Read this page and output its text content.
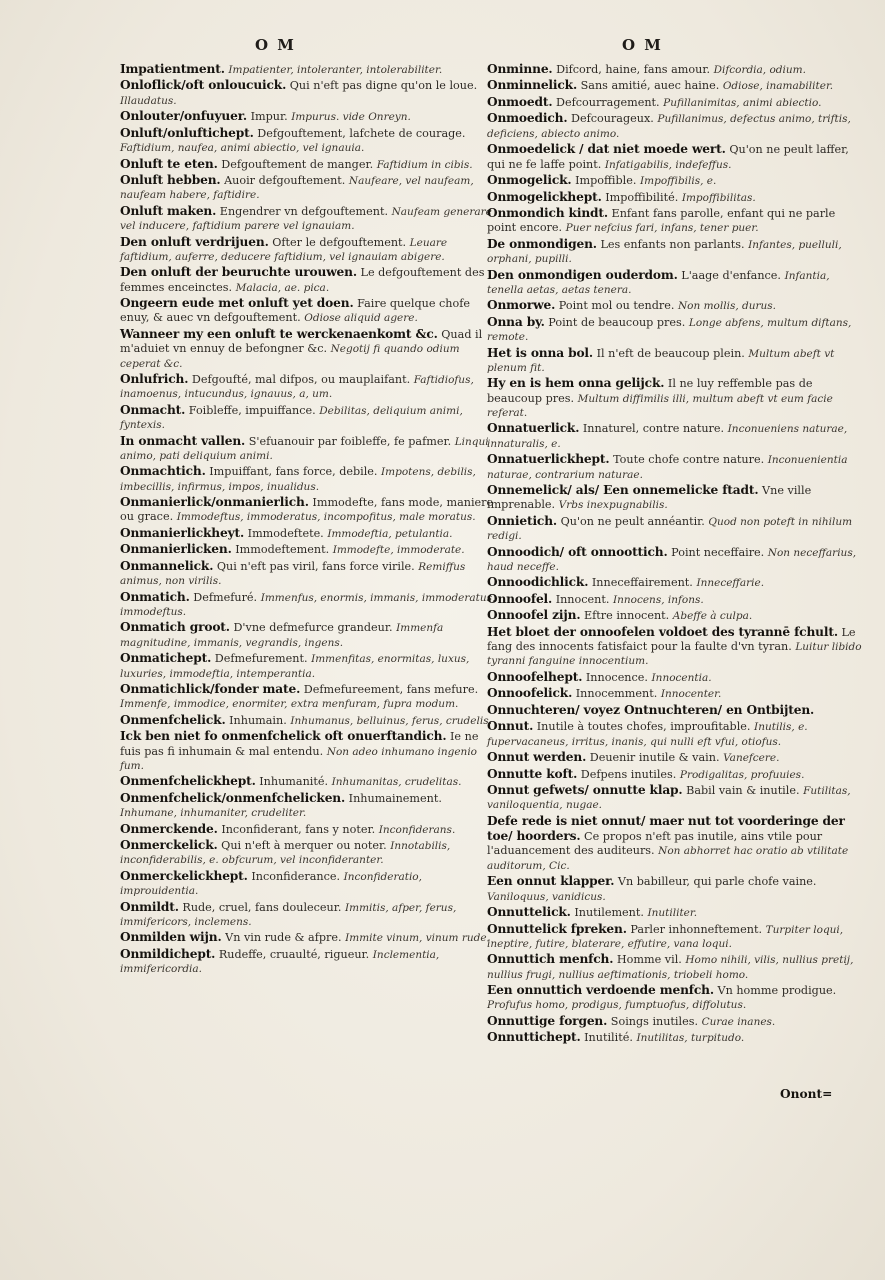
O M	O M

Impatientment. Impatienter, intoleranter, intolerabiliter.

Onloflick/oft onloucuick. Qui n'eft pas digne qu'on le loue. Illaudatus.

Onlouter/onfuyuer. Impur. Impurus. vide Onreyn.

Onluft/onluftichept. Defgouftement, lafchete de courage. Faftidium, naufea, animi abiectio, vel ignauia.

Onluft te eten. Defgouftement de manger. Faftidium in cibis.

Onluft hebben. Auoir defgouftement. Naufeare, vel naufeam, naufeam habere, faftidire.

Onluft maken. Engendrer vn defgouftement. Naufeam generare vel inducere, faftidium parere vel ignauiam.

Den onluft verdrijuen. Ofter le defgouftement. Leuare faftidium, auferre, deducere faftidium, vel ignauiam abigere.

Den onluft der beuruchte urouwen. Le defgouftement des femmes enceinctes. Malacia, ae. pica.

Ongeern eude met onluft yet doen. Faire quelque chofe enuy, & auec vn defgouftement. Odiose aliquid agere.

Wanneer my een onluft te werckenaenkomt &c. Quad il m'aduiet vn ennuy de befongner &c. Negotij fi quando odium ceperat &c.

Onlufrich. Defgoufté, mal difpos, ou mauplaifant. Faftidiofus, inamoenus, intucundus, ignauus, a, um.

Onmacht. Foibleffe, impuiffance. Debilitas, deliquium animi, fyntexis.

In onmacht vallen. S'efuanouir par foibleffe, fe pafmer. Linqui animo, pati deliquium animi.

Onmachtich. Impuiffant, fans force, debile. Impotens, debilis, imbecillis, infirmus, impos, inualidus.

Onmanierlick/onmanierlich. Immodefte, fans mode, maniere ou grace. Immodeftus, immoderatus, incompofitus, male moratus.

Onmanierlickheyt. Immodeftete. Immodeftia, petulantia.

Onmanierlicken. Immodeftement. Immodefte, immoderate.

Onmannelick. Qui n'eft pas viril, fans force virile. Remiffus animus, non virilis.

Onmatich. Defmefuré. Immenfus, enormis, immanis, immoderatus, immodeftus.

Onmatich groot. D'vne defmefurce grandeur. Immenfa magnitudine, immanis, vegrandis, ingens.

Onmatichept. Defmefurement. Immenfitas, enormitas, luxus, luxuries, immodeftia, intemperantia.

Onmatichlick/fonder mate. Defmefureement, fans mefure. Immenfe, immodice, enormiter, extra menfuram, fupra modum.

Onmenfchelick. Inhumain. Inhumanus, belluinus, ferus, crudelis.

Ick ben niet fo onmenfchelick oft onuerftandich. Ie ne fuis pas fi inhumain & mal entendu. Non adeo inhumano ingenio fum.

Onmenfchelickhept. Inhumanité. Inhumanitas, crudelitas.

Onmenfchelick/onmenfchelicken. Inhumainement. Inhumane, inhumaniter, crudeliter.

Onmerckende. Inconfiderant, fans y noter. Inconfiderans.

Onmerckelick. Qui n'eft à merquer ou noter. Innotabilis, inconfiderabilis, e. obfcurum, vel inconfideranter.

Onmerckelickhept. Inconfiderance. Inconfideratio, improuidentia.

Onmildt. Rude, cruel, fans douleceur. Immitis, afper, ferus, immifericors, inclemens.

Onmilden wijn. Vn vin rude & afpre. Immite vinum, vinum rude.

Onmildichept. Rudeffe, cruaulté, rigueur. Inclementia, immifericordia.

Onminne. Difcord, haine, fans amour. Difcordia, odium.

Onminnelick. Sans amitié, auec haine. Odiose, inamabiliter.

Onmoedt. Defcourragement. Pufillanimitas, animi abiectio.

Onmoedich. Defcourageux. Pufillanimus, defectus animo, triftis, deficiens, abiecto animo.

Onmoedelick / dat niet moede wert. Qu'on ne peult laffer, qui ne fe laffe point. Infatigabilis, indefeffus.

Onmogelick. Impoffible. Impoffibilis, e.

Onmogelickhept. Impoffibilité. Impoffibilitas.

Onmondich kindt. Enfant fans parolle, enfant qui ne parle point encore. Puer nefcius fari, infans, tener puer.

De onmondigen. Les enfants non parlants. Infantes, puelluli, orphani, pupilli.

Den onmondigen ouderdom. L'aage d'enfance. Infantia, tenella aetas, aetas tenera.

Onmorwe. Point mol ou tendre. Non mollis, durus.

Onna by. Point de beaucoup pres. Longe abfens, multum diftans, remote.

Het is onna bol. Il n'eft de beaucoup plein. Multum abeft vt plenum fit.

Hy en is hem onna gelijck. Il ne luy reffemble pas de beaucoup pres. Multum diffimilis illi, multum abeft vt eum facie referat.

Onnatuerlick. Innaturel, contre nature. Inconueniens naturae, innaturalis, e.

Onnatuerlickhept. Toute chofe contre nature. Inconuenientia naturae, contrarium naturae.

Onnemelick/ als/ Een onnemelicke ftadt. Vne ville imprenable. Vrbs inexpugnabilis.

Onnietich. Qu'on ne peult annéantir. Quod non poteft in nihilum redigi.

Onnoodich/ oft onnoottich. Point neceffaire. Non neceffarius, haud neceffe.

Onnoodichlick. Inneceffairement. Inneceffarie.

Onnoofel. Innocent. Innocens, infons.

Onnoofel zijn. Eftre innocent. Abeffe à culpa.

Het bloet der onnoofelen voldoet des tyrannē fchult. Le fang des innocents fatisfaict pour la faulte d'vn tyran. Luitur libido tyranni fanguine innocentium.

Onnoofelhept. Innocence. Innocentia.

Onnoofelick. Innocemment. Innocenter.

Onnuchteren/ voyez Ontnuchteren/ en Ontbijten.

Onnut. Inutile à toutes chofes, improufitable. Inutilis, e. fupervacaneus, irritus, inanis, qui nulli eft vfui, otiofus.

Onnut werden. Deuenir inutile & vain. Vanefcere.

Onnutte koft. Defpens inutiles. Prodigalitas, profuuies.

Onnut gefwets/ onnutte klap. Babil vain & inutile. Futilitas, vaniloquentia, nugae.

Defe rede is niet onnut/ maer nut tot voorderinge der toe/ hoorders. Ce propos n'eft pas inutile, ains vtile pour l'aduancement des auditeurs. Non abhorret hac oratio ab vtilitate auditorum, Cic.

Een onnut klapper. Vn babilleur, qui parle chofe vaine. Vaniloquus, vanidicus.

Onnuttelick. Inutilement. Inutiliter.

Onnuttelick fpreken. Parler inhonneftement. Turpiter loqui, ineptire, futire, blaterare, effutire, vana loqui.

Onnuttich menfch. Homme vil. Homo nihili, vilis, nullius pretij, nullius frugi, nullius aeftimationis, triobeli homo.

Een onnuttich verdoende menfch. Vn homme prodigue. Profufus homo, prodigus, fumptuofus, diffolutus.

Onnuttige forgen. Soings inutiles. Curae inanes.

Onnuttichept. Inutilité. Inutilitas, turpitudo.

Onont=
